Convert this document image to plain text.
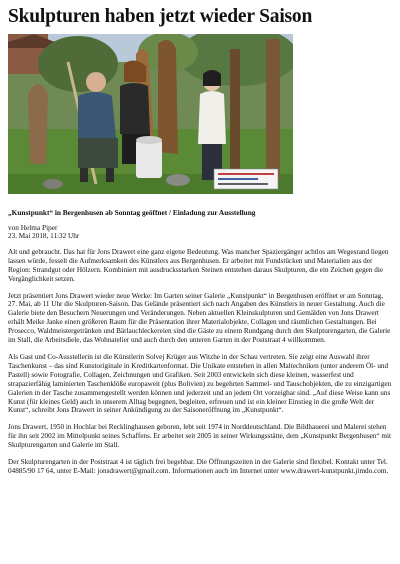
Skulpturen haben jetzt wieder Saison
„Kunstpunkt“ in Bergenhusen ab Sonntag geöffnet / Einladung zur Ausstellung
von Helma Piper
23. Mai 2018, 11:32 Uhr

Alt und gebraucht. Das hat für Jons Drawert eine ganz eigene Bedeutung. Was mancher Spaziergänger achtlos am Wegesrand liegen lassen würde, fesselt die Aufmerksamkeit des Künstlers aus Bergenhusen. Er arbeitet mit Fundstücken und Materialien aus der Region: Strandgut oder Hölzern. Kombiniert mit ausdrucksstarken Steinen entstehen daraus Skulpturen, die ein Zeichen gegen die Vergänglichkeit setzen.

Jetzt präsentiert Jons Drawert wieder neue Werke: Im Garten seiner Galerie „Kunstpunkt“ in Bergenhusen eröffnet er am Sonntag, 27. Mai, ab 11 Uhr die Skulpturen-Saison. Das Gelände präsentiert sich nach Angaben des Künstlers in neuer Gestaltung. Auch die Galerie biete den Besuchern Neuerungen und Veränderungen. Neben aktuellen Kleinskulpturen und Gemälden von Jons Drawert erhält Meike Janke einen größeren Raum für die Präsentation ihrer Materialobjekte, Collagen und räumlichen Gestaltungen. Bei Prosecco, Waldmeistergetränken und Bärlauchleckereien sind die Gäste zu einem Rundgang durch den Skulpturengarten, die Galerie im Stall, die Arbeitsdiele, das Wohnatelier und auch durch den unteren Garten in der Poststraat 4 willkommen.

Als Gast und Co-Ausstellerin ist die Künstlerin Solvej Krüger aus Witzhe in der Schau vertreten. Sie zeigt eine Auswahl ihrer Taschenkunst – das sind Kunstoriginale in Kreditkartenformat. Die Unikate entstehen in allen Maltechniken (unter anderem Öl- und Pastell) sowie Fotografie, Collagen, Zeichnungen und Grafiken. Seit 2003 entwickeln sich diese kleinen, wasserfest und strapazierfähig laminierten Taschenklöße europaweit (plus Bolivien) zu begehrten Sammel- und Tauschobjekten, die zu einzigartigen Galerien in der Tasche zusammengestellt werden können und jederzeit und an jedem Ort vorzeigbar sind. „Auf diese Weise kann uns Kunst (für kleines Geld) auch in unserem Alltag begegnen, begleiten, erfreuen und ist ein kleiner Einstieg in die große Welt der Kunst“, schreibt Jons Drawert in seiner Ankündigung zu der Saisoneröffnung im „Kunstpunkt“.

Jons Drawert, 1950 in Hochlar bei Recklinghausen geboren, lebt seit 1974 in Norddeutschland. Die Bildhauerei und Malerei stehen für ihn seit 2002 im Mittelpunkt seines Schaffens. Er arbeitet seit 2005 in seiner Wirkungsstätte, dem „Kunstpunkt Bergenhusen“ mit Skulpturengarten und Galerie im Stall.

Der Skulpturengarten in der Poststraat 4 ist täglich frei begehbar. Die Öffnungszeiten in der Galerie sind flexibel. Kontakt unter Tel. 04885/90 17 64, unter E-Mail: jonsdrawert@gmail.com. Informationen auch im Internet unter www.drawert-kunstpunkt.jimdo.com.
